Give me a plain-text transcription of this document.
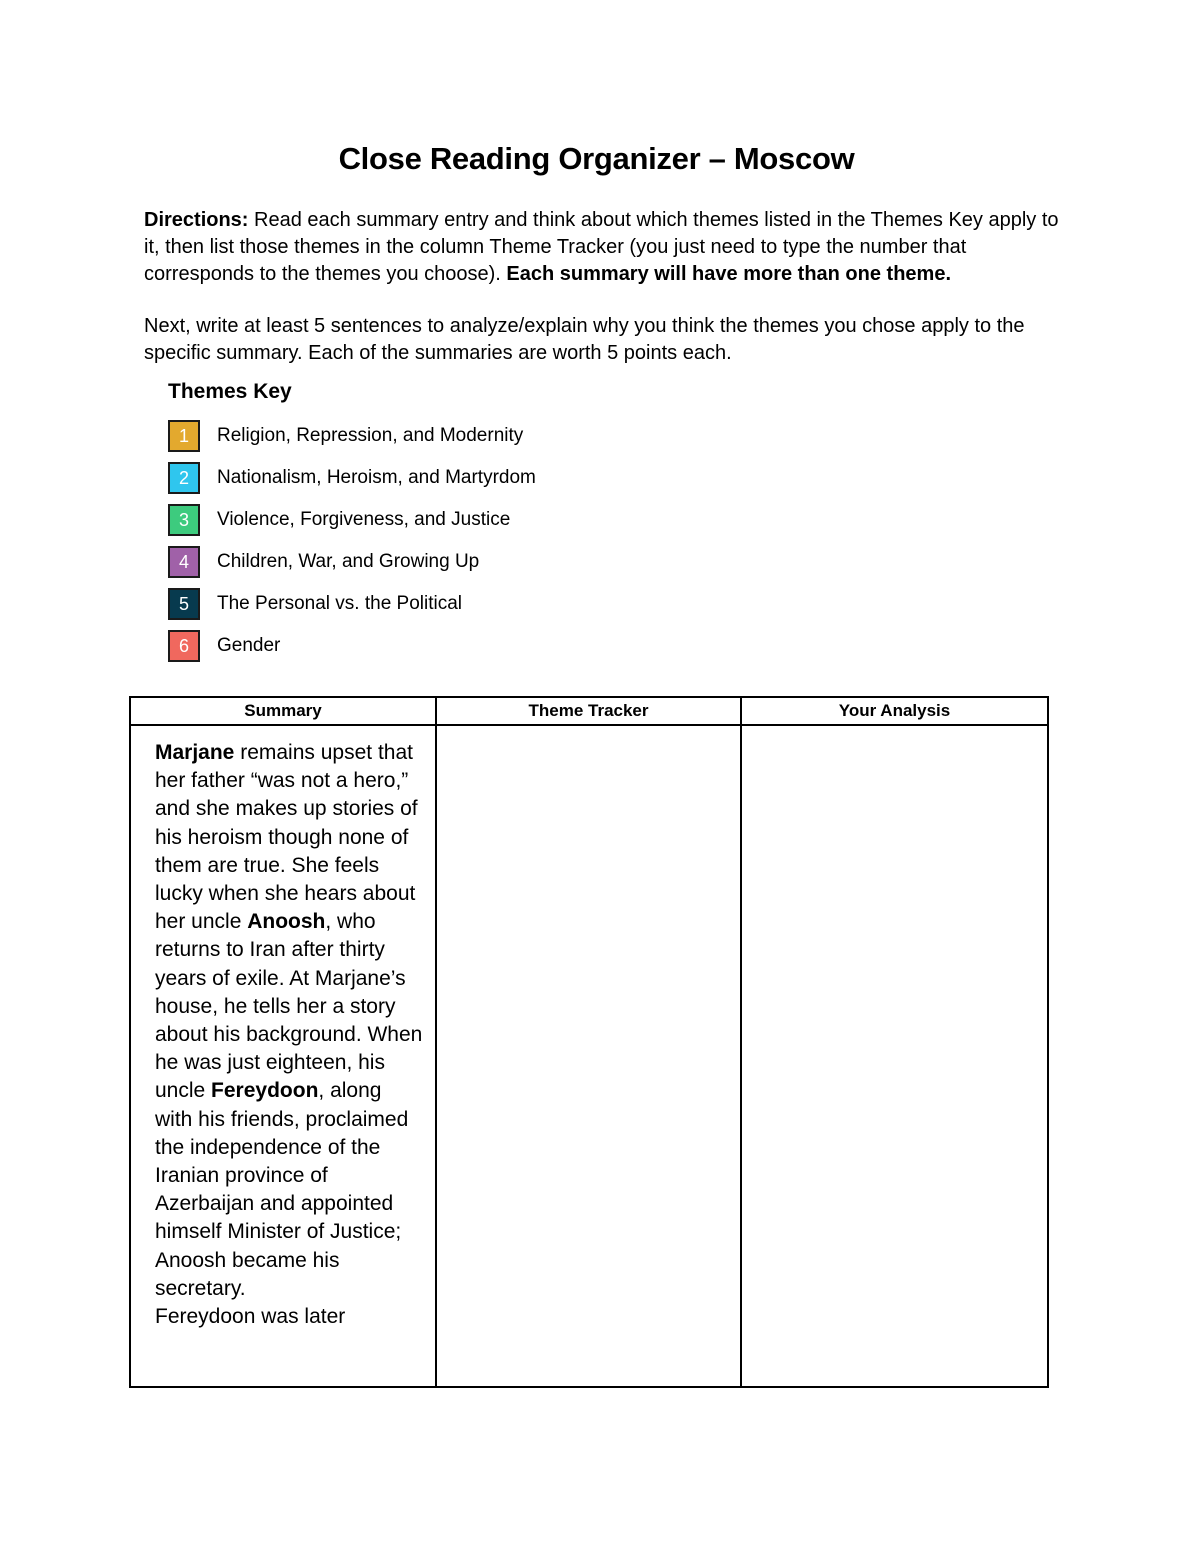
Close Reading Organizer – Moscow

Directions: Read each summary entry and think about which themes listed in the Themes Key apply to it, then list those themes in the column Theme Tracker (you just need to type the number that corresponds to the themes you choose). Each summary will have more than one theme.

Next, write at least 5 sentences to analyze/explain why you think the themes you chose apply to the specific summary. Each of the summaries are worth 5 points each.

Themes Key
1	Religion, Repression, and Modernity
2	Nationalism, Heroism, and Martyrdom
3	Violence, Forgiveness, and Justice
4	Children, War, and Growing Up
5	The Personal vs. the Political
6	Gender
Summary	Theme Tracker	Your Analysis

Marjane remains upset that her father “was not a hero,” and she makes up stories of his heroism though none of them are true. She feels lucky when she hears about her uncle Anoosh, who returns to Iran after thirty years of exile. At Marjane’s house, he tells her a story about his background. When he was just eighteen, his uncle Fereydoon, along with his friends, proclaimed the independence of the Iranian province of Azerbaijan and appointed himself Minister of Justice; Anoosh became his secretary.
Fereydoon was later		
